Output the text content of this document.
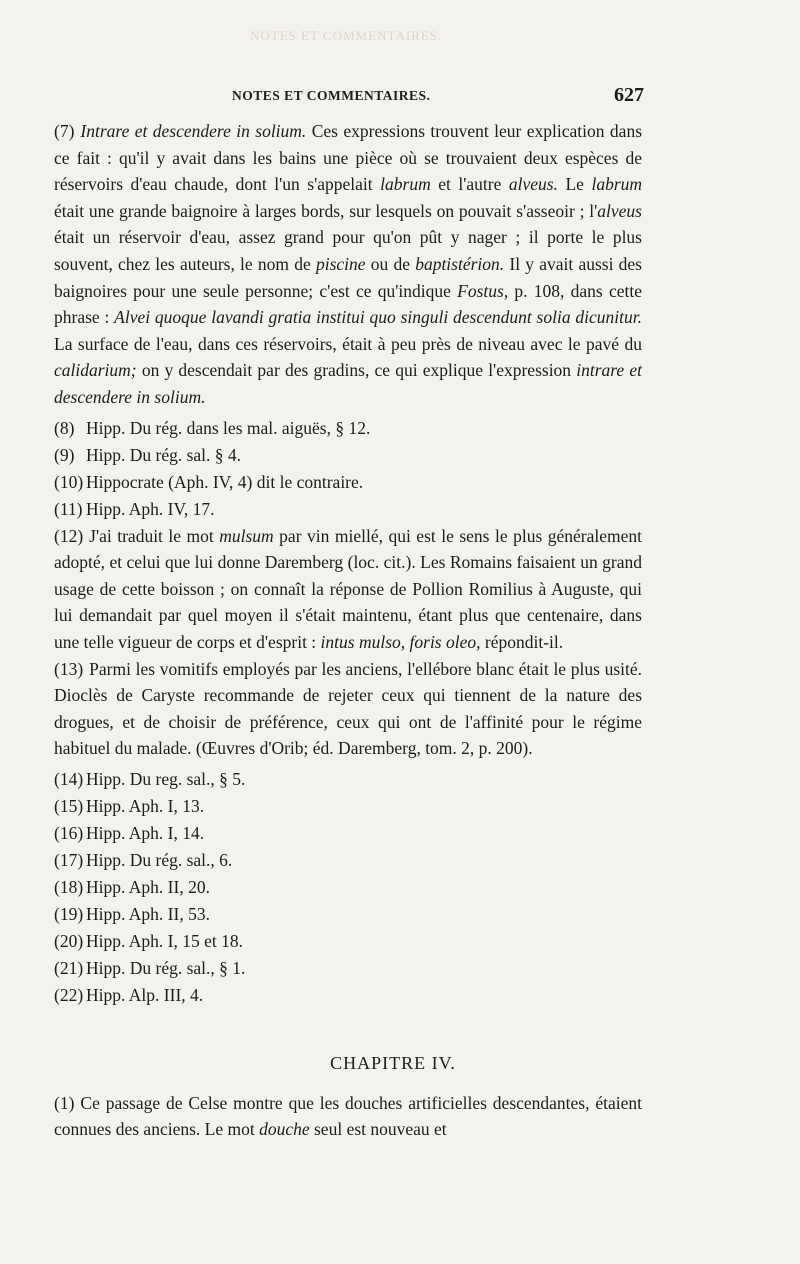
NOTES ET COMMENTAIRES.
NOTES ET COMMENTAIRES.	627

(7) Intrare et descendere in solium. Ces expressions trouvent leur explication dans ce fait : qu'il y avait dans les bains une pièce où se trouvaient deux espèces de réservoirs d'eau chaude, dont l'un s'appelait labrum et l'autre alveus. Le labrum était une grande baignoire à larges bords, sur lesquels on pouvait s'asseoir ; l'alveus était un réservoir d'eau, assez grand pour qu'on pût y nager ; il porte le plus souvent, chez les auteurs, le nom de piscine ou de baptistérion. Il y avait aussi des baignoires pour une seule personne; c'est ce qu'indique Fostus, p. 108, dans cette phrase : Alvei quoque lavandi gratia institui quo singuli descendunt solia dicunitur. La surface de l'eau, dans ces réservoirs, était à peu près de niveau avec le pavé du calidarium; on y descendait par des gradins, ce qui explique l'expression intrare et descendere in solium.

(8) Hipp. Du rég. dans les mal. aiguës, § 12.
(9) Hipp. Du rég. sal. § 4.
(10) Hippocrate (Aph. IV, 4) dit le contraire.
(11) Hipp. Aph. IV, 17.

(12) J'ai traduit le mot mulsum par vin miellé, qui est le sens le plus généralement adopté, et celui que lui donne Daremberg (loc. cit.). Les Romains faisaient un grand usage de cette boisson ; on connaît la réponse de Pollion Romilius à Auguste, qui lui demandait par quel moyen il s'était maintenu, étant plus que centenaire, dans une telle vigueur de corps et d'esprit : intus mulso, foris oleo, répondit-il.

(13) Parmi les vomitifs employés par les anciens, l'ellébore blanc était le plus usité. Dioclès de Caryste recommande de rejeter ceux qui tiennent de la nature des drogues, et de choisir de préférence, ceux qui ont de l'affinité pour le régime habituel du malade. (Œuvres d'Orib; éd. Daremberg, tom. 2, p. 200).

(14) Hipp. Du reg. sal., § 5.
(15) Hipp. Aph. I, 13.
(16) Hipp. Aph. I, 14.
(17) Hipp. Du rég. sal., 6.
(18) Hipp. Aph. II, 20.
(19) Hipp. Aph. II, 53.
(20) Hipp. Aph. I, 15 et 18.
(21) Hipp. Du rég. sal., § 1.
(22) Hipp. Alp. III, 4.
CHAPITRE IV.

(1) Ce passage de Celse montre que les douches artificielles descendantes, étaient connues des anciens. Le mot douche seul est nouveau et
